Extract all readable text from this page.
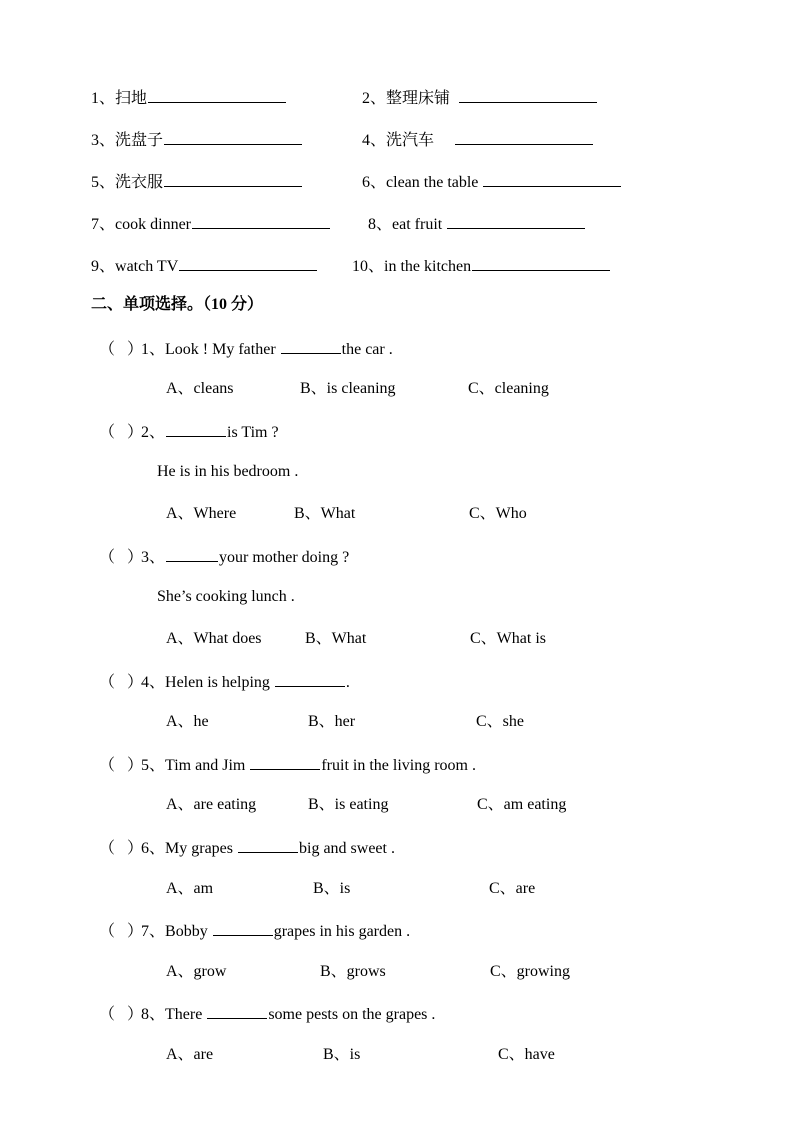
1、扫地	2、整理床铺
3、洗盘子	4、洗汽车
5、洗衣服	6、clean the table
7、cook dinner	8、eat fruit
9、watch TV	10、in the kitchen
二、单项选择。（10 分）
（ ）1、Look ! My father	the car .
A、cleans	B、is cleaning	C、cleaning
（ ）2、	is Tim ?
He is in his bedroom .
A、Where	B、What	C、Who
（ ）3、	your mother doing ?
She’s cooking lunch .
A、What does	B、What	C、What is
（ ）4、Helen is helping	.
A、he	B、her	C、she
（ ）5、Tim and Jim	fruit in the living room .
A、are eating	B、is eating	C、am eating
（ ）6、My grapes	big and sweet .
A、am	B、is	C、are
（ ）7、Bobby	grapes in his garden .
A、grow	B、grows	C、growing
（ ）8、There	some pests on the grapes .
A、are	B、is	C、have
